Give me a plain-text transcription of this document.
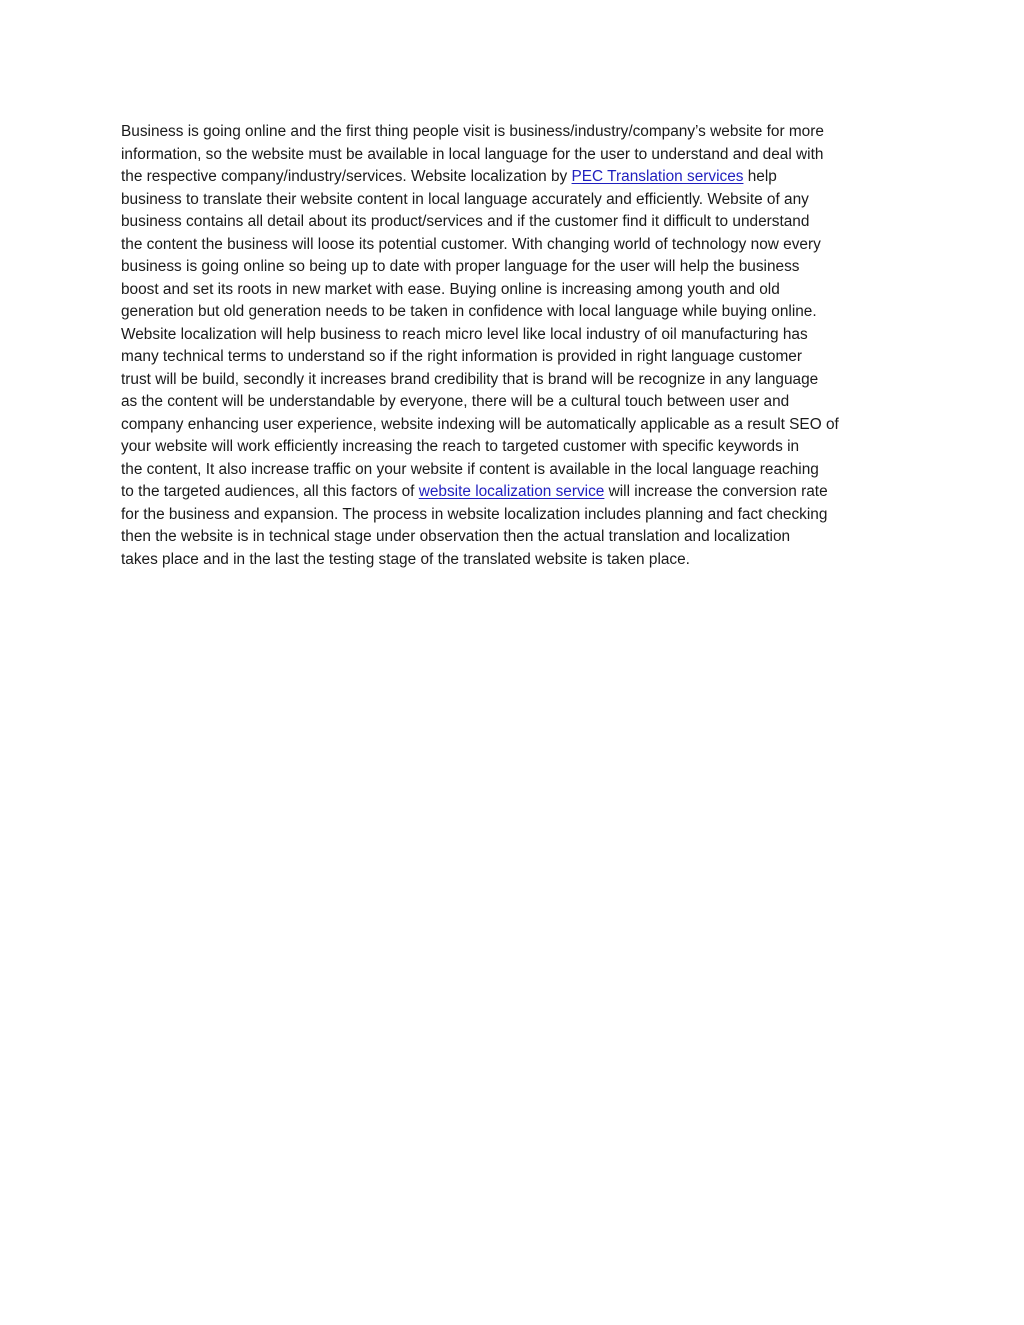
Business is going online and the first thing people visit is business/industry/company’s website for more
information, so the website must be available in local language for the user to understand and deal with
the respective company/industry/services. Website localization by PEC Translation services help
business to translate their website content in local language accurately and efficiently. Website of any
business contains all detail about its product/services and if the customer find it difficult to understand
the content the business will loose its potential customer. With changing world of technology now every
business is going online so being up to date with proper language for the user will help the business
boost and set its roots in new market with ease. Buying online is increasing among youth and old
generation but old generation needs to be taken in confidence with local language while buying online.
Website localization will help business to reach micro level like local industry of oil manufacturing has
many technical terms to understand so if the right information is provided in right language customer
trust will be build, secondly it increases brand credibility that is brand will be recognize in any language
as the content will be understandable by everyone, there will be a cultural touch between user and
company enhancing user experience, website indexing will be automatically applicable as a result SEO of
your website will work efficiently increasing the reach to targeted customer with specific keywords in
the content, It also increase traffic on your website if content is available in the local language reaching
to the targeted audiences, all this factors of website localization service will increase the conversion rate
for the business and expansion. The process in website localization includes planning and fact checking
then the website is in technical stage under observation then the actual translation and localization
takes place and in the last the testing stage of the translated website is taken place.
